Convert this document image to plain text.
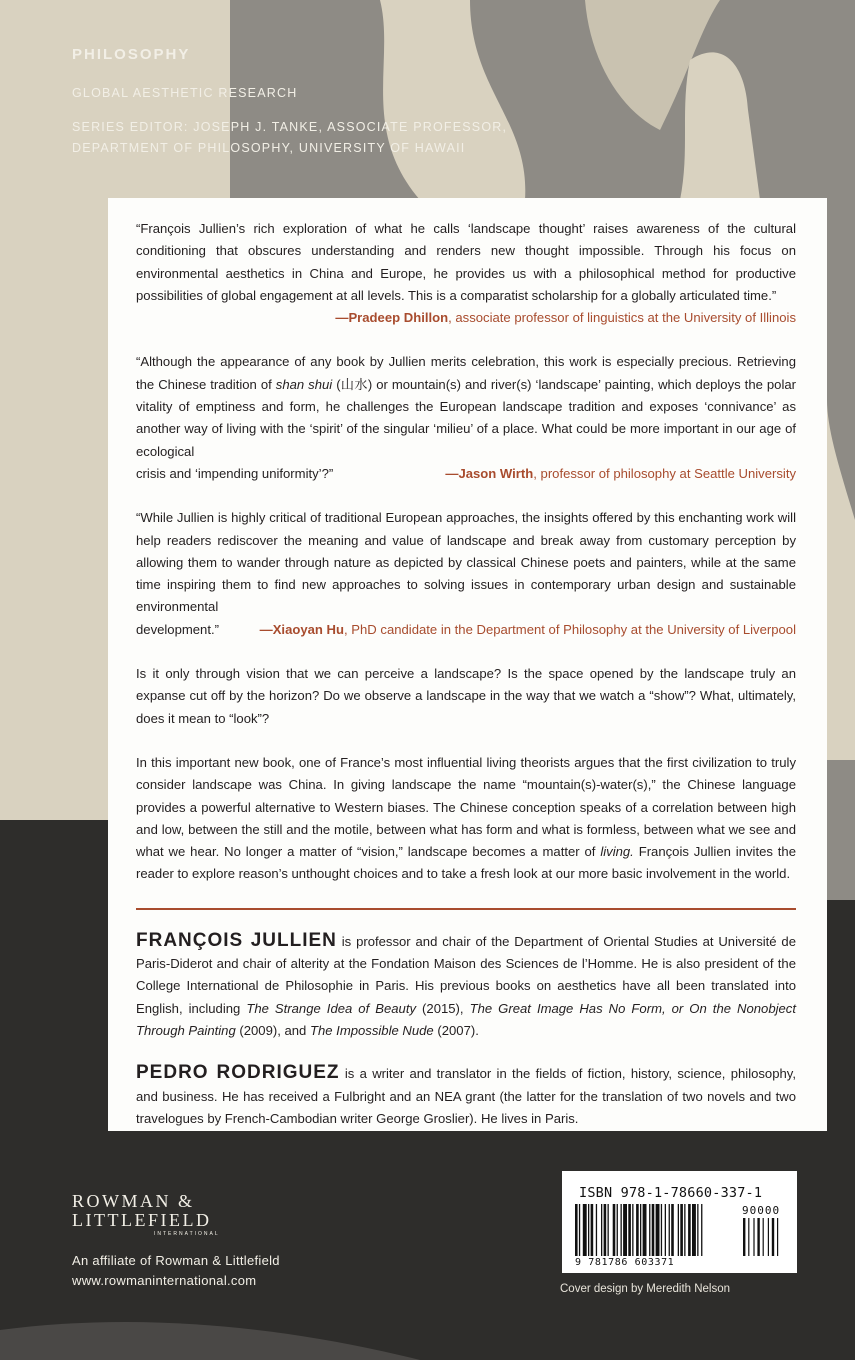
PHILOSOPHY
GLOBAL AESTHETIC RESEARCH
SERIES EDITOR: JOSEPH J. TANKE, ASSOCIATE PROFESSOR,
DEPARTMENT OF PHILOSOPHY, UNIVERSITY OF HAWAII

“François Jullien’s rich exploration of what he calls ‘landscape thought’ raises awareness of the cultural conditioning that obscures understanding and renders new thought impossible. Through his focus on environmental aesthetics in China and Europe, he provides us with a philosophical method for productive possibilities of global engagement at all levels. This is a comparatist scholarship for a globally articulated time.”

—Pradeep Dhillon, associate professor of linguistics at the University of Illinois

“Although the appearance of any book by Jullien merits celebration, this work is especially precious. Retrieving the Chinese tradition of shan shui (山水) or mountain(s) and river(s) ‘landscape’ painting, which deploys the polar vitality of emptiness and form, he challenges the European landscape tradition and exposes ‘connivance’ as another way of living with the ‘spirit’ of the singular ‘milieu’ of a place. What could be more important in our age of ecological

crisis and ‘impending uniformity’?”	—Jason Wirth, professor of philosophy at Seattle University

“While Jullien is highly critical of traditional European approaches, the insights offered by this enchanting work will help readers rediscover the meaning and value of landscape and break away from customary perception by allowing them to wander through nature as depicted by classical Chinese poets and painters, while at the same time inspiring them to find new approaches to solving issues in contemporary urban design and sustainable environmental

development.”	—Xiaoyan Hu, PhD candidate in the Department of Philosophy at the University of Liverpool

Is it only through vision that we can perceive a landscape? Is the space opened by the landscape truly an expanse cut off by the horizon? Do we observe a landscape in the way that we watch a “show”? What, ultimately, does it mean to “look”?

In this important new book, one of France’s most influential living theorists argues that the first civilization to truly consider landscape was China. In giving landscape the name “mountain(s)-water(s),” the Chinese language provides a powerful alternative to Western biases. The Chinese conception speaks of a correlation between high and low, between the still and the motile, between what has form and what is formless, between what we see and what we hear. No longer a matter of “vision,” landscape becomes a matter of living. François Jullien invites the reader to explore reason’s unthought choices and to take a fresh look at our more basic involvement in the world.

FRANÇOIS JULLIEN is professor and chair of the Department of Oriental Studies at Université de Paris-Diderot and chair of alterity at the Fondation Maison des Sciences de l’Homme. He is also president of the College International de Philosophie in Paris. His previous books on aesthetics have all been translated into English, including The Strange Idea of Beauty (2015), The Great Image Has No Form, or On the Nonobject Through Painting (2009), and The Impossible Nude (2007).

PEDRO RODRIGUEZ is a writer and translator in the fields of fiction, history, science, philosophy, and business. He has received a Fulbright and an NEA grant (the latter for the translation of two novels and two travelogues by French-Cambodian writer George Groslier). He lives in Paris.

ROWMAN &
LITTLEFIELD
INTERNATIONAL
An affiliate of Rowman & Littlefield
www.rowmaninternational.com
ISBN 978-1-78660-337-1
90000
9 781786 603371
Cover design by Meredith Nelson
